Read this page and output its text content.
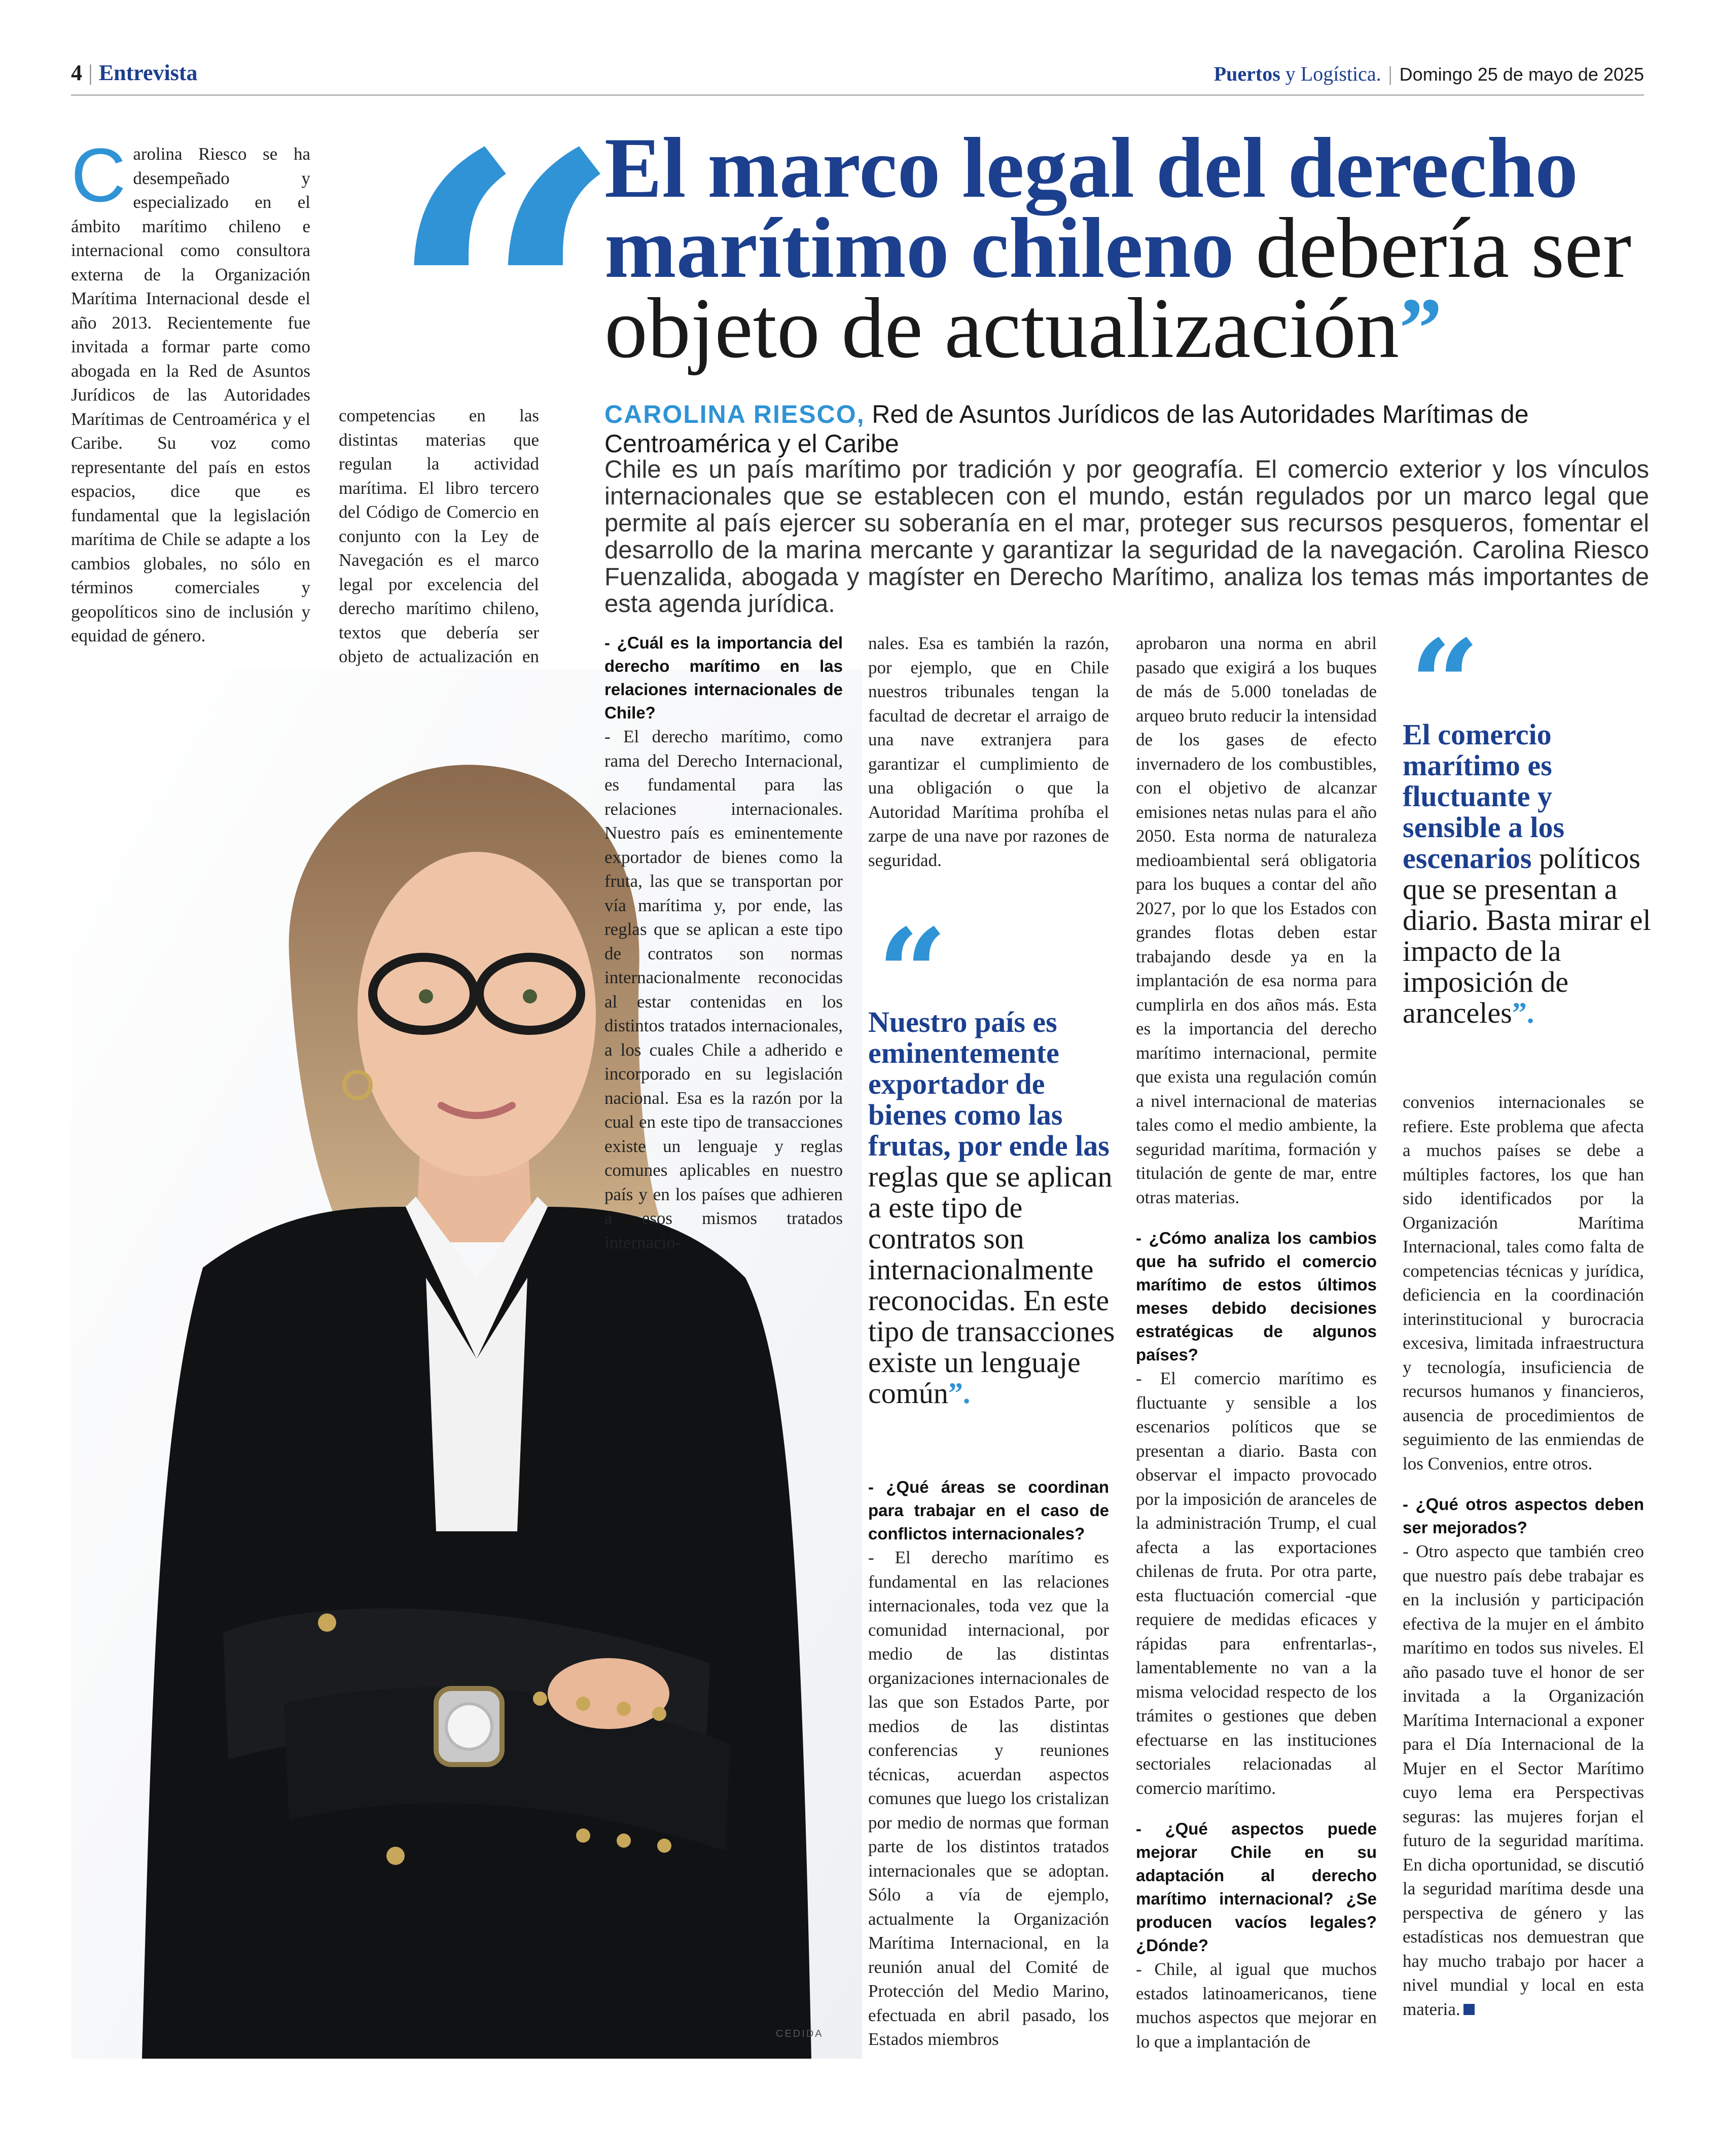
4 | Entrevista	Puertos y Logística. | Domingo 25 de mayo de 2025
El marco legal del derecho
marítimo chileno debería ser objeto de actualización”
CAROLINA RIESCO, Red de Asuntos Jurídicos de las Autoridades Marítimas de Centroamérica y el Caribe
Chile es un país marítimo por tradición y por geografía. El comercio exterior y los vínculos internacionales que se establecen con el mundo, están regulados por un marco legal que permite al país ejercer su soberanía en el mar, proteger sus recursos pesqueros, fomentar el desarrollo de la marina mercante y garantizar la seguridad de la navegación. Carolina Riesco Fuenzalida, abogada y magíster en Derecho Marítimo, analiza los temas más importantes de esta agenda jurídica.
Carolina Riesco se ha desempeñado y especializado en el ámbito marítimo chileno e internacional como consultora externa de la Organización Marítima Internacional desde el año 2013. Recientemente fue invitada a formar parte como abogada en la Red de Asuntos Jurídicos de las Autoridades Marítimas de Centroamérica y el Caribe. Su voz como representante del país en estos espacios, dice que es fundamental que la legislación marítima de Chile se adapte a los cambios globales, no sólo en términos comerciales y geopolíticos sino de inclusión y equidad de género.

competencias en las distintas materias que regulan la actividad marítima. El libro tercero del Código de Comercio en conjunto con la Ley de Navegación es el marco legal por excelencia del derecho marítimo chileno, textos que debería ser objeto de actualización en

CEDIDA
- ¿Cuál es la importancia del derecho marítimo en las relaciones internacionales de Chile?

- El derecho marítimo, como rama del Derecho Internacional, es fundamental para las relaciones internacionales. Nuestro país es eminentemente exportador de bienes como la fruta, las que se transportan por vía marítima y, por ende, las reglas que se aplican a este tipo de contratos son normas internacionalmente reconocidas al estar contenidas en los distintos tratados internacionales, a los cuales Chile a adherido e incorporado en su legislación nacional. Esa es la razón por la cual en este tipo de transacciones existe un lenguaje y reglas comunes aplicables en nuestro país y en los países que adhieren a esos mismos tratados internacio-

nales. Esa es también la razón, por ejemplo, que en Chile nuestros tribunales tengan la facultad de decretar el arraigo de una nave extranjera para garantizar el cumplimiento de una obligación o que la Autoridad Marítima prohíba el zarpe de una nave por razones de seguridad.

Nuestro país es eminentemente exportador de bienes como las frutas, por ende las reglas que se aplican a este tipo de contratos son internacionalmente reconocidas. En este tipo de transacciones existe un lenguaje común”.
- ¿Qué áreas se coordinan para trabajar en el caso de conflictos internacionales?

- El derecho marítimo es fundamental en las relaciones internacionales, toda vez que la comunidad internacional, por medio de las distintas organizaciones internacionales de las que son Estados Parte, por medios de las distintas conferencias y reuniones técnicas, acuerdan aspectos comunes que luego los cristalizan por medio de normas que forman parte de los distintos tratados internacionales que se adoptan. Sólo a vía de ejemplo, actualmente la Organización Marítima Internacional, en la reunión anual del Comité de Protección del Medio Marino, efectuada en abril pasado, los Estados miembros

aprobaron una norma en abril pasado que exigirá a los buques de más de 5.000 toneladas de arqueo bruto reducir la intensidad de los gases de efecto invernadero de los combustibles, con el objetivo de alcanzar emisiones netas nulas para el año 2050. Esta norma de naturaleza medioambiental será obligatoria para los buques a contar del año 2027, por lo que los Estados con grandes flotas deben estar trabajando desde ya en la implantación de esa norma para cumplirla en dos años más. Esta es la importancia del derecho marítimo internacional, permite que exista una regulación común a nivel internacional de materias tales como el medio ambiente, la seguridad marítima, formación y titulación de gente de mar, entre otras materias.

- ¿Cómo analiza los cambios que ha sufrido el comercio marítimo de estos últimos meses debido decisiones estratégicas de algunos países?

- El comercio marítimo es fluctuante y sensible a los escenarios políticos que se presentan a diario. Basta con observar el impacto provocado por la imposición de aranceles de la administración Trump, el cual afecta a las exportaciones chilenas de fruta. Por otra parte, esta fluctuación comercial -que requiere de medidas eficaces y rápidas para enfrentarlas-, lamentablemente no van a la misma velocidad respecto de los trámites o gestiones que deben efectuarse en las instituciones sectoriales relacionadas al comercio marítimo.

- ¿Qué aspectos puede mejorar Chile en su adaptación al derecho marítimo internacional? ¿Se producen vacíos legales? ¿Dónde?

- Chile, al igual que muchos estados latinoamericanos, tiene muchos aspectos que mejorar en lo que a implantación de

El comercio marítimo es fluctuante y sensible a los escenarios políticos que se presentan a diario. Basta mirar el impacto de la imposición de aranceles”.

convenios internacionales se refiere. Este problema que afecta a muchos países se debe a múltiples factores, los que han sido identificados por la Organización Marítima Internacional, tales como falta de competencias técnicas y jurídica, deficiencia en la coordinación interinstitucional y burocracia excesiva, limitada infraestructura y tecnología, insuficiencia de recursos humanos y financieros, ausencia de procedimientos de seguimiento de las enmiendas de los Convenios, entre otros.

- ¿Qué otros aspectos deben ser mejorados?

- Otro aspecto que también creo que nuestro país debe trabajar es en la inclusión y participación efectiva de la mujer en el ámbito marítimo en todos sus niveles. El año pasado tuve el honor de ser invitada a la Organización Marítima Internacional a exponer para el Día Internacional de la Mujer en el Sector Marítimo cuyo lema era Perspectivas seguras: las mujeres forjan el futuro de la seguridad marítima. En dicha oportunidad, se discutió la seguridad marítima desde una perspectiva de género y las estadísticas nos demuestran que hay mucho trabajo por hacer a nivel mundial y local en esta materia.
